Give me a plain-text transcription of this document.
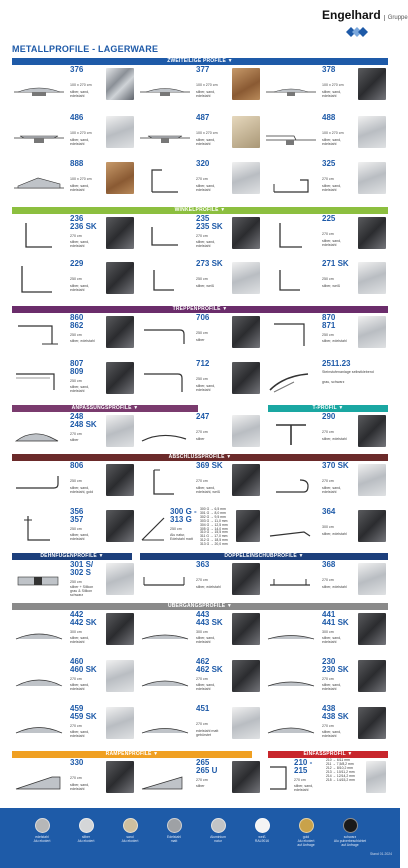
Engelhard Gruppe
METALLPROFILE - LAGERWARE
ZWEITEILIGE PROFILE ▼
WINKELPROFILE ▼
TREPPENPROFILE ▼
ANPASSUNGSPROFILE ▼	T-PROFIL ▼
ABSCHLUSSPROFILE ▼
DEHNFUGENPROFILE ▼	DOPPELEINSCHUBPROFILE ▼
ÜBERGANGSPROFILE ▼
RAMPENPROFILE ▼	EINFASSPROFIL ▼
376
100 x 270 cm
silber, sand, edelstahl
377
100 x 270 cm
silber, sand, edelstahl
378
100 x 270 cm
silber, sand, edelstahl
486
100 x 270 cm
silber, sand, edelstahl
487
100 x 270 cm
silber, sand, edelstahl
488
100 x 270 cm
silber, sand, edelstahl
888
100 x 270 cm
silber, sand, edelstahl
320
270 cm
silber, sand, edelstahl
325
270 cm
silber, sand, edelstahl
236
236 SK
270 cm
silber, sand, edelstahl
235
235 SK
270 cm
silber, sand, edelstahl
225
270 cm
silber, sand, edelstahl
229
250 cm
silber, sand, edelstahl
273 SK
250 cm
silber, weiß
271 SK
250 cm
silber, weiß
860
862
250 cm
silber, edelstahl
706
250 cm
silber
870
871
250 cm
silber, edelstahl
807
809
250 cm
silber, sand, edelstahl
712
250 cm
silber, sand, edelstahl
2511.23
Steinstufenanlage selbstklebend
grau, schwarz
248
248 SK
270 cm
silber
247
270 cm
silber
290
270 cm
silber, edelstahl
806
250 cm
silber, sand, edelstahl, gold
369 SK
270 cm
silber, sand, edelstahl, weiß
370 SK
270 cm
silber, sand, edelstahl
356
357
250 cm
silber, sand, edelstahl
300 G -
313 G
250 cm
Alu natur, Edelstahl matt
300 G → 6,5 mm
301 G → 8,0 mm
302 G → 9,5 mm
303 G → 11,0 mm
304 G → 12,5 mm
305 G → 14,0 mm
310 G → 15,5 mm
311 G → 17,0 mm
312 G → 18,5 mm
313 G → 20,0 mm
364
300 cm
silber, edelstahl
301 S/
302 S
250 cm
silber + Silikon grau & Silikon schwarz
363
270 cm
silber, edelstahl
368
270 cm
silber, edelstahl
442
442 SK
300 cm
silber, sand, edelstahl
443
443 SK
300 cm
silber, sand, edelstahl
441
441 SK
300 cm
silber, sand, edelstahl
460
460 SK
270 cm
silber, sand, edelstahl
462
462 SK
270 cm
silber, sand, edelstahl
230
230 SK
270 cm
silber, sand, edelstahl
459
459 SK
270 cm
silber, sand, edelstahl
451
270 cm
edelstahl matt gebürstet
438
438 SK
270 cm
silber, sand, edelstahl
330
270 cm
silber, sand, edelstahl
265
265 U
270 cm
silber
210 -
215
270 cm
silber, sand, edelstahl
210 → 6/11 mm
211 → 7,5/8,2 mm
212 → 8/10,2 mm
213 → 10/11,2 mm
214 → 12/14,2 mm
215 → 14/15,2 mm
edelstahl
Alu eloxiert
silber
Alu eloxiert
sand
Alu eloxiert
Edelstahl
matt
Aluminium
natur
weiß
RAL9016
gold
Alu eloxiert
auf Anfrage
schwarz
Alu pulverbeschichtet
auf Anfrage
Stand 01.2024
